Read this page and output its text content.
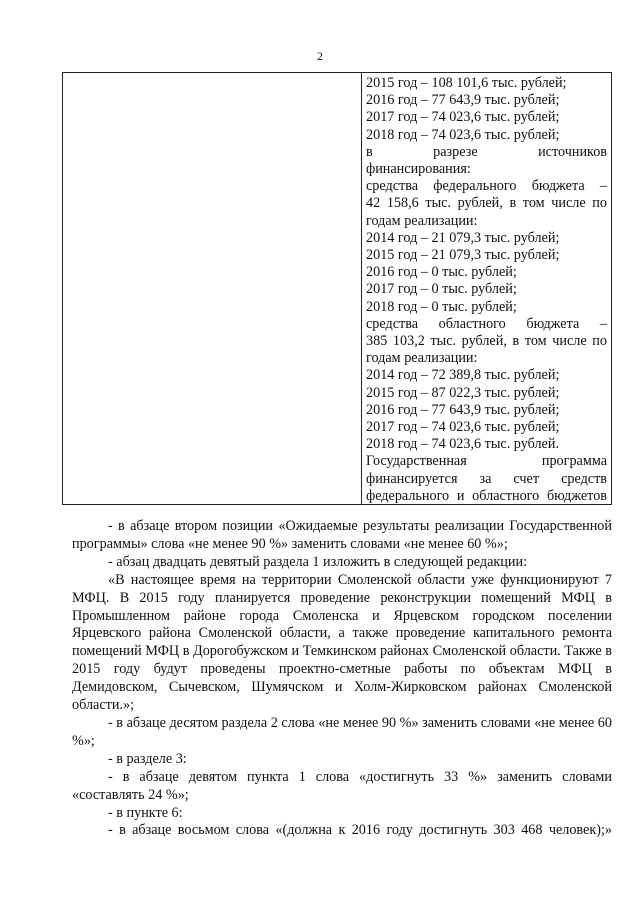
2
2015 год – 108 101,6 тыс. рублей;
2016 год – 77 643,9 тыс. рублей;
2017 год – 74 023,6 тыс. рублей;
2018 год – 74 023,6 тыс. рублей;
в разрезе источников
финансирования:
средства федерального бюджета –
42 158,6 тыс. рублей, в том числе по
годам реализации:
2014 год – 21 079,3 тыс. рублей;
2015 год – 21 079,3 тыс. рублей;
2016 год – 0 тыс. рублей;
2017 год – 0 тыс. рублей;
2018 год – 0 тыс. рублей;
средства областного бюджета –
385 103,2 тыс. рублей, в том числе по
годам реализации:
2014 год – 72 389,8 тыс. рублей;
2015 год – 87 022,3 тыс. рублей;
2016 год – 77 643,9 тыс. рублей;
2017 год – 74 023,6 тыс. рублей;
2018 год – 74 023,6 тыс. рублей.
Государственная программа
финансируется за счет средств
федерального и областного бюджетов

- в абзаце втором позиции «Ожидаемые результаты реализации Государственной программы» слова «не менее 90 %» заменить словами «не менее 60 %»;

- абзац двадцать девятый раздела 1 изложить в следующей редакции:

«В настоящее время на территории Смоленской области уже функционируют 7 МФЦ. В 2015 году планируется проведение реконструкции помещений МФЦ в Промышленном районе города Смоленска и Ярцевском городском поселении Ярцевского района Смоленской области, а также проведение капитального ремонта помещений МФЦ в Дорогобужском и Темкинском районах Смоленской области. Также в 2015 году будут проведены проектно-сметные работы по объектам МФЦ в Демидовском, Сычевском, Шумячском и Холм-Жирковском районах Смоленской области.»;

- в абзаце десятом раздела 2 слова «не менее 90 %» заменить словами «не менее 60 %»;

- в разделе 3:

- в абзаце девятом пункта 1 слова «достигнуть 33 %» заменить словами «составлять 24 %»;

- в пункте 6:

- в абзаце восьмом слова «(должна к 2016 году достигнуть 303 468 человек);»
